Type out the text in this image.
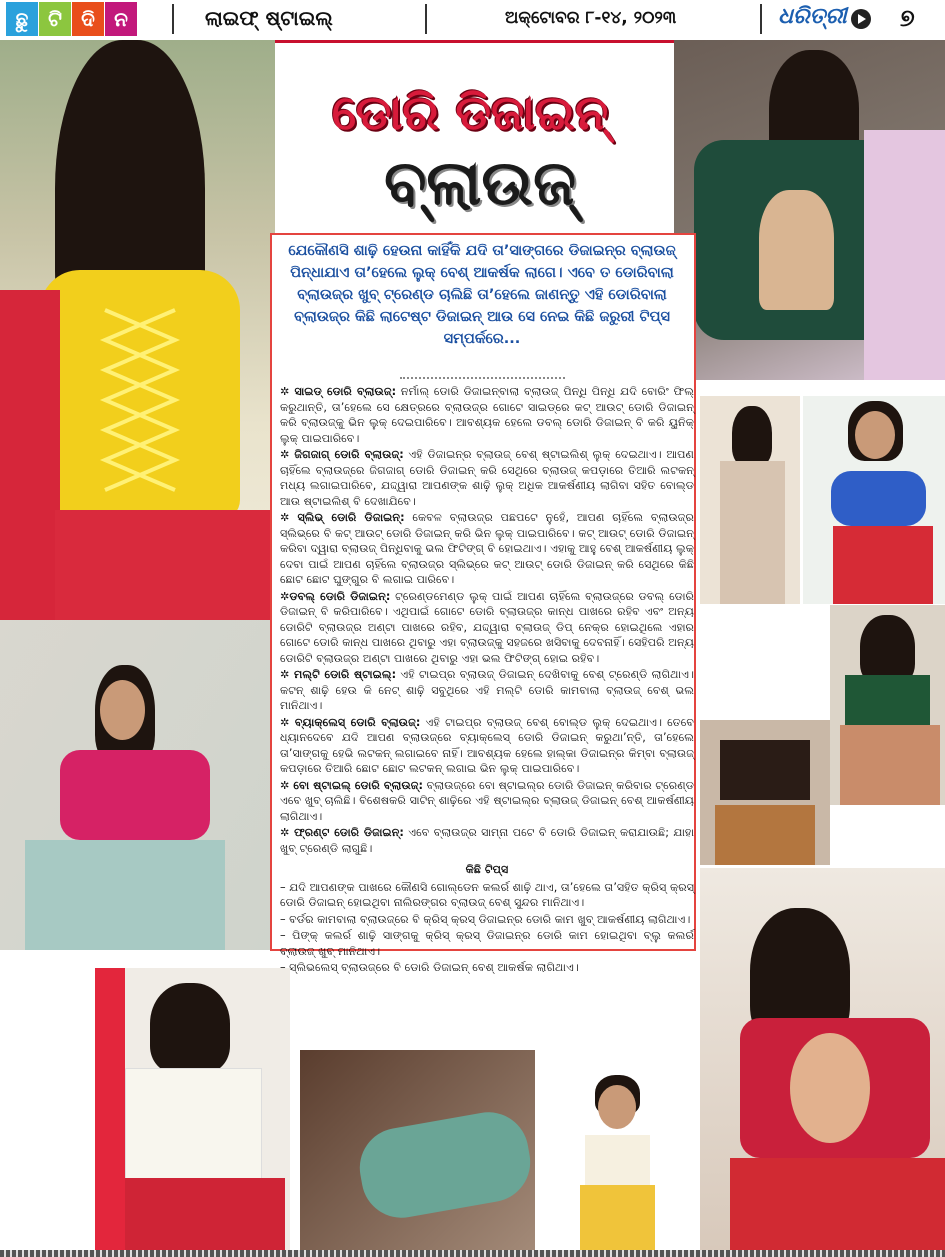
ଛୁ ଟି ଦି ନ	ଲାଇଫ୍ ଷ୍ଟାଇଲ୍	ଅକ୍ଟୋବର ୮-୧୪, ୨୦୨୩	ଧରିତ୍ରୀ ୭
ଡୋରି ଡିଜାଇନ୍
ବ୍ଲାଉଜ୍
ଯେକୌଣସି ଶାଢ଼ି ହେଉନା କାହିଁକି ଯଦି ତା’ସାଙ୍ଗରେ ଡିଜାଇନ୍ର ବ୍ଲାଉଜ୍ ପିନ୍ଧାଯାଏ ତା’ହେଲେ ଲୁକ୍ ବେଶ୍ ଆକର୍ଷକ ଲାଗେ। ଏବେ ତ ଡୋରିବାଲା ବ୍ଲାଉଜ୍ର ଖୁବ୍ ଟ୍ରେଣ୍ଡ ଚାଲିଛି ତା’ହେଲେ ଜାଣନ୍ତୁ ଏହି ଡୋରିବାଲା ବ୍ଲାଉଜ୍ର କିଛି ଲାଟେଷ୍ଟ ଡିଜାଇନ୍ ଆଉ ସେ ନେଇ କିଛି ଜରୁରୀ ଟିପ୍ସ ସମ୍ପର୍କରେ...

✲ ସାଇଡ୍ ଡୋରି ବ୍ଲାଉଜ୍: ନର୍ମାଲ୍ ଡୋରି ଡିଜାଇନ୍ବାଲା ବ୍ଲାଉଜ୍ ପିନ୍ଧି ପିନ୍ଧି ଯଦି ବୋରିଂ ଫିଲ୍ କରୁଥାନ୍ତି, ତା’ହେଲେ ସେ କ୍ଷେତ୍ରରେ ବ୍ଲାଉଜ୍ର ଗୋଟେ ସାଇଡ୍ରେ କଟ୍ ଆଉଟ୍ ଡୋରି ଡିଜାଇନ୍ କରି ବ୍ଲାଉଜ୍କୁ ଭିନ ଲୁକ୍ ଦେଇପାରିବେ। ଆବଶ୍ୟକ ହେଲେ ଡବଲ୍ ଡୋରି ଡିଜାଇନ୍ ବି କରି ୟୁନିକ୍ ଲୁକ୍ ପାଇପାରିବେ।

✲ ଜିଗଜାଗ୍ ଡୋରି ବ୍ଲାଉଜ୍: ଏହି ଡିଜାଇନ୍ର ବ୍ଲାଉଜ୍ ବେଶ୍ ଷ୍ଟାଇଲିଶ୍ ଲୁକ୍ ଦେଇଥାଏ। ଆପଣ ଚାହିଁଲେ ବ୍ଲାଉଜ୍ରେ ଜିଗଜାଗ୍ ଡୋରି ଡିଜାଇନ୍ କରି ସେଥିରେ ବ୍ଲାଉଜ୍ କପଡ଼ାରେ ତିଆରି ଲଟକନ୍ ମଧ୍ୟ ଲଗାଇପାରିବେ, ଯଦ୍ଦ୍ୱାରା ଆପଣଙ୍କ ଶାଢ଼ି ଲୁକ୍ ଅଧିକ ଆକର୍ଷଣୀୟ ଲାଗିବା ସହିତ ବୋଲ୍ଡ ଆଉ ଷ୍ଟାଇଲିଶ୍ ବି ଦେଖାଯିବେ।

✲ ସ୍ଲିଭ୍ ଡୋରି ଡିଜାଇନ୍: କେବଳ ବ୍ଲାଉଜ୍ର ପଛପଟେ ନୁହେଁ, ଆପଣ ଚାହିଁଲେ ବ୍ଲାଉଜ୍ର ସ୍ଲିଭ୍ରେ ବି କଟ୍ ଆଉଟ୍ ଡୋରି ଡିଜାଇନ୍ କରି ଭିନ ଲୁକ୍ ପାଇପାରିବେ। କଟ୍ ଆଉଟ୍ ଡୋରି ଡିଜାଇନ୍ କରିବା ଦ୍ୱାରା ବ୍ଲାଉଜ୍ ପିନ୍ଧିବାକୁ ଭଲ ଫିଟିଙ୍ଗ୍ ବି ହୋଇଥାଏ। ଏହାକୁ ଆହୁ ବେଶ୍ ଆକର୍ଷଣୀୟ ଲୁକ୍ ଦେବା ପାଇଁ ଆପଣ ଚାହିଁଲେ ବ୍ଲାଉଜ୍ର ସ୍ଲିଭ୍ରେ କଟ୍ ଆଉଟ୍ ଡୋରି ଡିଜାଇନ୍ କରି ସେଥିରେ କିଛି ଛୋଟ ଛୋଟ ଘୁଙ୍ଗୁର ବି ଲଗାଇ ପାରିବେ।

✲ଡବଲ୍ ଡୋରି ଡିଜାଇନ୍: ଟ୍ରେଣ୍ଡମେଣ୍ଡ ଲୁକ୍ ପାଇଁ ଆପଣ ଚାହିଁଲେ ବ୍ଲାଉଜ୍ରେ ଡବଲ୍ ଡୋରି ଡିଜାଇନ୍ ବି କରିପାରିବେ। ଏଥିପାଇଁ ଗୋଟେ ଡୋରି ବ୍ଲାଉଜ୍ର କାନ୍ଧ ପାଖରେ ରହିବ ଏବଂ ଅନ୍ୟ ଡୋରିଟି ବ୍ଲାଉଜ୍ର ଅଣ୍ଟା ପାଖରେ ରହିବ, ଯଦ୍ଦ୍ୱାରା ବ୍ଲାଉଜ୍ ଡିପ୍ ନେକ୍ର ହୋଇଥିଲେ ଏହାର ଗୋଟେ ଡୋରି କାନ୍ଧ ପାଖରେ ଥିବାରୁ ଏହା ବ୍ଲାଉଜ୍କୁ ସହଜରେ ଖସିବାକୁ ଦେବନାହିଁ। ସେହିପରି ଅନ୍ୟ ଡୋରିଟି ବ୍ଲାଉଜ୍ର ଅଣ୍ଟା ପାଖରେ ଥିବାରୁ ଏହା ଭଲ ଫିଟିଙ୍ଗ୍ ହୋଇ ରହିବ।

✲ ମଲ୍ଟି ଡୋରି ଷ୍ଟାଇଲ୍: ଏହି ଟାଇପ୍ର ବ୍ଲାଉଜ୍ ଡିଜାଇନ୍ ଦେଖିବାକୁ ବେଶ୍ ଟ୍ରେଣ୍ଡି ଲାଗିଥାଏ। କଟନ୍ ଶାଢ଼ି ହେଉ କି ନେଟ୍ ଶାଢ଼ି ସବୁଥିରେ ଏହି ମଲ୍ଟି ଡୋରି କାମବାଲା ବ୍ଲାଉଜ୍ ବେଶ୍ ଭଲ ମାନିଥାଏ।

✲ ବ୍ୟାକ୍ଲେସ୍ ଡୋରି ବ୍ଲାଉଜ୍: ଏହି ଟାଇପ୍ର ବ୍ଲାଉଜ୍ ବେଶ୍ ବୋଲ୍ଡ ଲୁକ୍ ଦେଇଥାଏ। ତେବେ ଧ୍ୟାନଦେବେ ଯଦି ଆପଣ ବ୍ଲାଉଜ୍ରେ ବ୍ୟାକ୍ଲେସ୍ ଡୋରି ଡିଜାଇନ୍ କରୁଥା’ନ୍ତି, ତା’ହେଲେ ତା’ସାଙ୍ଗକୁ ହେଭି ଲଟକନ୍ ଲଗାଇବେ ନାହିଁ। ଆବଶ୍ୟକ ହେଲେ ହାଲ୍କା ଡିଜାଇନ୍ର କିମ୍ବା ବ୍ଲାଉଜ୍ କପଡ଼ାରେ ତିଆରି ଛୋଟ ଛୋଟ ଲଟକନ୍ ଲଗାଇ ଭିନ ଲୁକ୍ ପାଇପାରିବେ।

✲ ବୋ ଷ୍ଟାଇଲ୍ ଡୋରି ବ୍ଲାଉଜ୍: ବ୍ଲାଉଜ୍ରେ ବୋ ଷ୍ଟାଇଲ୍ର ଡୋରି ଡିଜାଇନ୍ କରିବାର ଟ୍ରେଣ୍ଡ ଏବେ ଖୁବ୍ ଚାଲିଛି। ବିଶେଷକରି ସାଟିନ୍ ଶାଢ଼ିରେ ଏହି ଷ୍ଟାଇଲ୍ର ବ୍ଲାଉଜ୍ ଡିଜାଇନ୍ ବେଶ୍ ଆକର୍ଷଣୀୟ ଲାଗିଥାଏ।

✲ ଫ୍ରଣ୍ଟ ଡୋରି ଡିଜାଇନ୍: ଏବେ ବ୍ଲାଉଜ୍ର ସାମ୍ନା ପଟେ ବି ଡୋରି ଡିଜାଇନ୍ କରାଯାଉଛି; ଯାହା ଖୁବ୍ ଟ୍ରେଣ୍ଡି ଲାଗୁଛି।

କିଛି ଟିପ୍ସ

– ଯଦି ଆପଣଙ୍କ ପାଖରେ କୌଣସି ଗୋଲ୍ଡେନ କଲର୍ର ଶାଢ଼ି ଥାଏ, ତା’ହେଲେ ତା’ସହିତ କ୍ରିସ୍ କ୍ରସ୍ ଡୋରି ଡିଜାଇନ୍ ହୋଇଥିବା ନାଲିରଙ୍ଗର ବ୍ଲାଉଜ୍ ବେଶ୍ ସୁନ୍ଦର ମାନିଥାଏ।

– ବର୍ଡର କାମବାଲା ବ୍ଲାଉଜ୍ରେ ବି କ୍ରିସ୍ କ୍ରସ୍ ଡିଜାଇନ୍ର ଡୋରି କାମ ଖୁବ୍ ଆକର୍ଷଣୀୟ ଲାଗିଥାଏ।

– ପିଙ୍କ୍ କଲର୍ର ଶାଢ଼ି ସାଙ୍ଗକୁ କ୍ରିସ୍ କ୍ରସ୍ ଡିଜାଇନ୍ର ଡୋରି କାମ ହୋଇଥିବା ବ୍ଲୁ କଲର୍ର ବ୍ଲାଉଜ୍ ଖୁବ୍ ମାନିଥାଏ।

– ସ୍ଲିଭଲେସ୍ ବ୍ଲାଉଜ୍ରେ ବି ଡୋରି ଡିଜାଇନ୍ ବେଶ୍ ଆକର୍ଷକ ଲାଗିଥାଏ।
